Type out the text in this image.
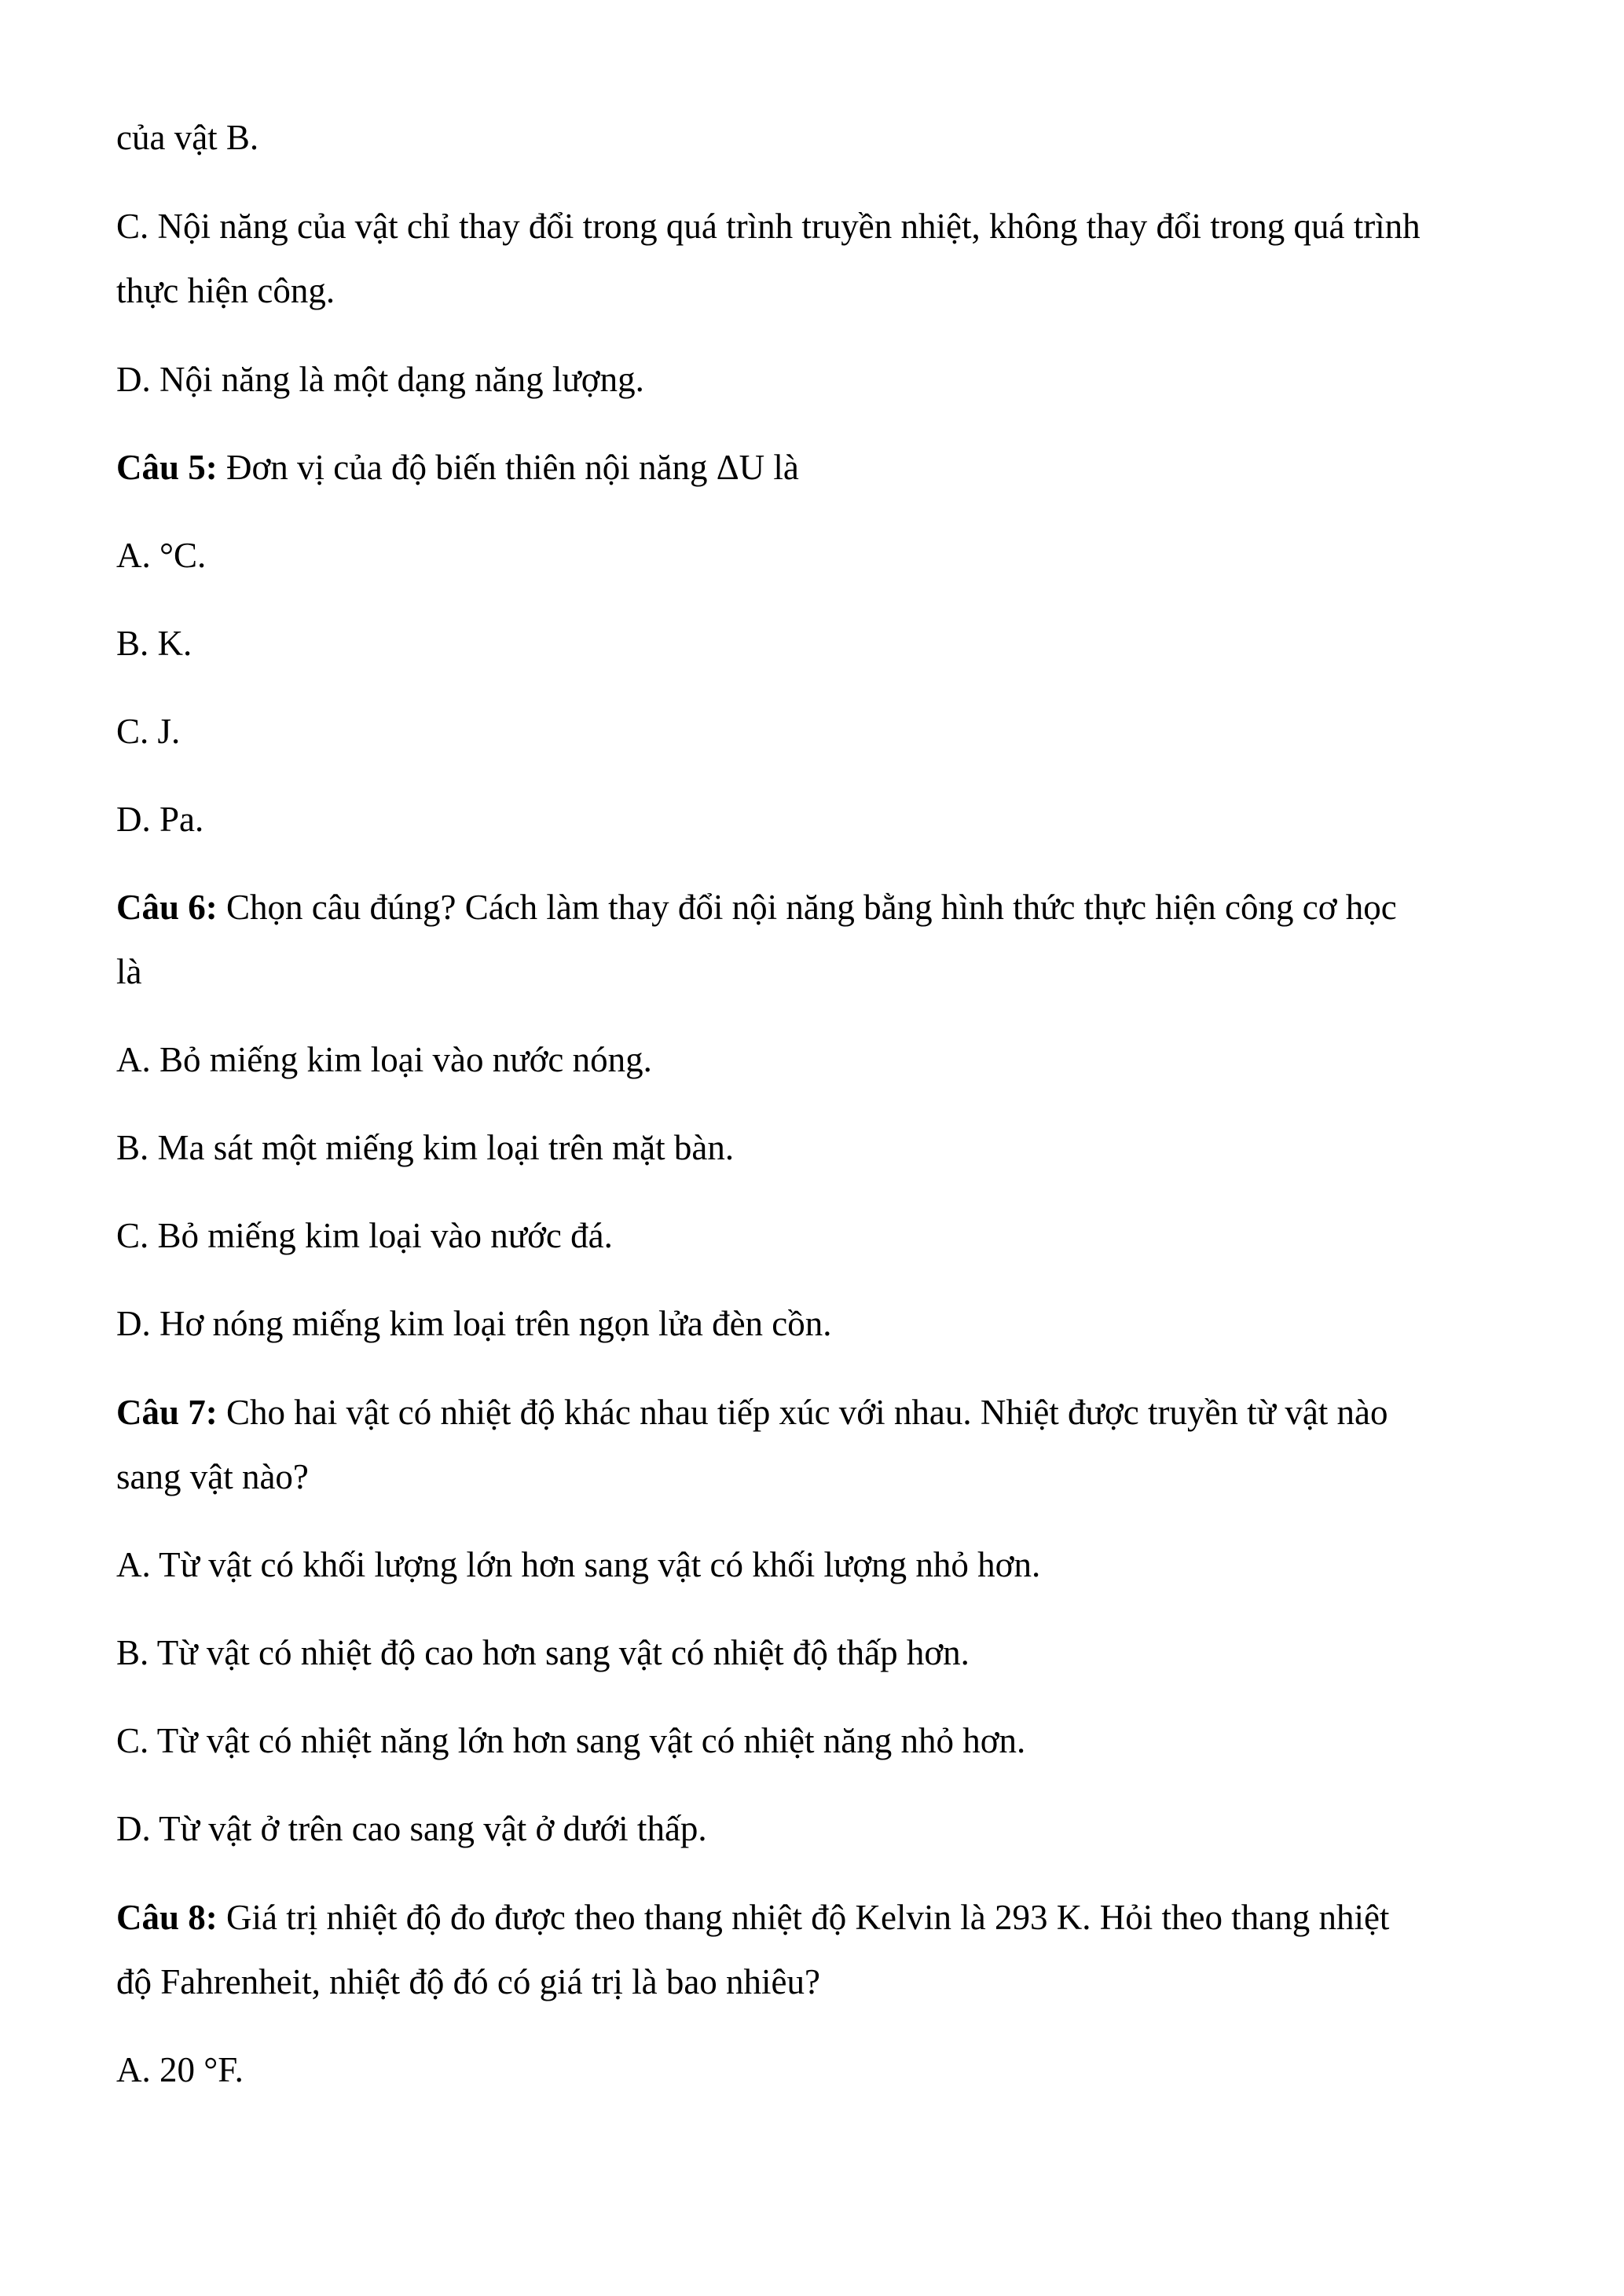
của vật B.
C. Nội năng của vật chỉ thay đổi trong quá trình truyền nhiệt, không thay đổi trong quá trình
thực hiện công.
D. Nội năng là một dạng năng lượng.
Câu 5: Đơn vị của độ biến thiên nội năng ΔU là
A. °C.
B. K.
C. J.
D. Pa.
Câu 6: Chọn câu đúng? Cách làm thay đổi nội năng bằng hình thức thực hiện công cơ học
là
A. Bỏ miếng kim loại vào nước nóng.
B. Ma sát một miếng kim loại trên mặt bàn.
C. Bỏ miếng kim loại vào nước đá.
D. Hơ nóng miếng kim loại trên ngọn lửa đèn cồn.
Câu 7: Cho hai vật có nhiệt độ khác nhau tiếp xúc với nhau. Nhiệt được truyền từ vật nào
sang vật nào?
A. Từ vật có khối lượng lớn hơn sang vật có khối lượng nhỏ hơn.
B. Từ vật có nhiệt độ cao hơn sang vật có nhiệt độ thấp hơn.
C. Từ vật có nhiệt năng lớn hơn sang vật có nhiệt năng nhỏ hơn.
D. Từ vật ở trên cao sang vật ở dưới thấp.
Câu 8: Giá trị nhiệt độ đo được theo thang nhiệt độ Kelvin là 293 K. Hỏi theo thang nhiệt
độ Fahrenheit, nhiệt độ đó có giá trị là bao nhiêu?
A. 20 °F.
